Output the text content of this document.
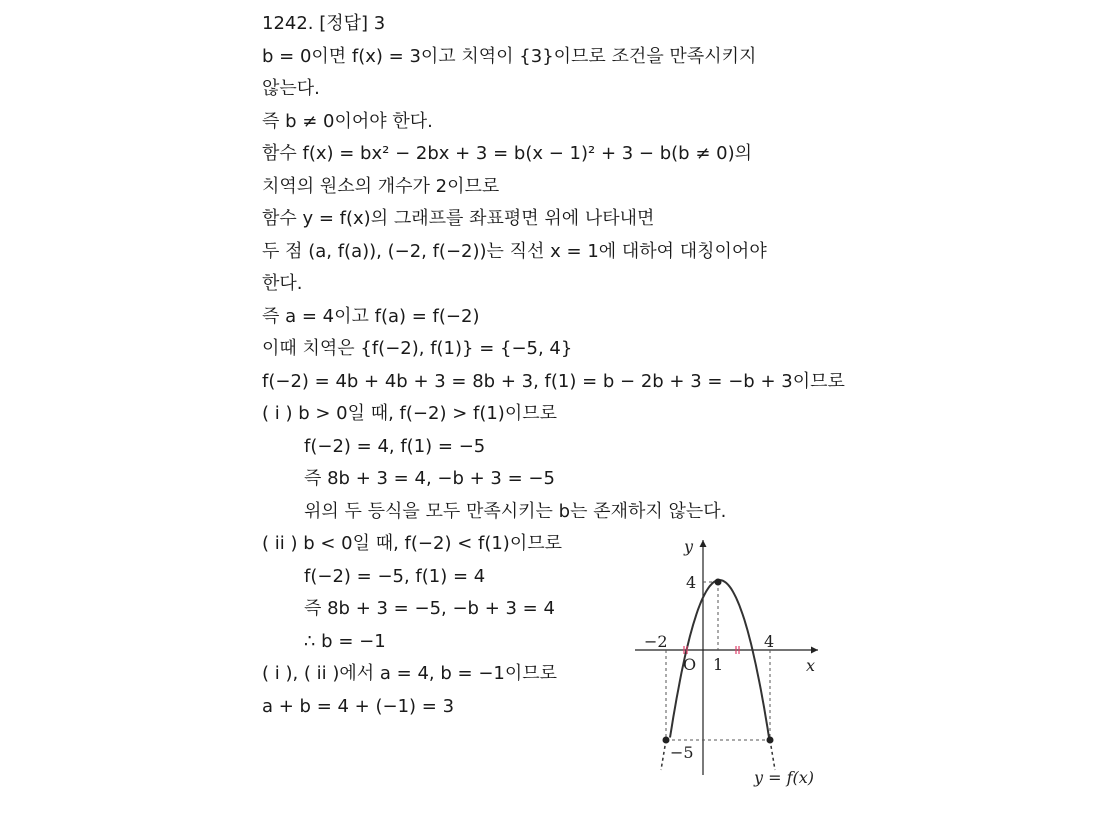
1242. [정답] 3
b = 0이면 f(x) = 3이고 치역이 {3}이므로 조건을 만족시키지
않는다.
즉 b ≠ 0이어야 한다.
함수 f(x) = bx² − 2bx + 3 = b(x − 1)² + 3 − b(b ≠ 0)의
치역의 원소의 개수가 2이므로
함수 y = f(x)의 그래프를 좌표평면 위에 나타내면
두 점 (a, f(a)), (−2, f(−2))는 직선 x = 1에 대하여 대칭이어야
한다.
즉 a = 4이고 f(a) = f(−2)
이때 치역은 {f(−2), f(1)} = {−5, 4}
f(−2) = 4b + 4b + 3 = 8b + 3, f(1) = b − 2b + 3 = −b + 3이므로
( i ) b > 0일 때, f(−2) > f(1)이므로
f(−2) = 4, f(1) = −5
즉 8b + 3 = 4, −b + 3 = −5
위의 두 등식을 모두 만족시키는 b는 존재하지 않는다.
( ii ) b < 0일 때, f(−2) < f(1)이므로
f(−2) = −5, f(1) = 4
즉 8b + 3 = −5, −b + 3 = 4
∴ b = −1
( i ), ( ii )에서 a = 4, b = −1이므로
a + b = 4 + (−1) = 3
y
x
O 1
−2	4
4
−5
y = f(x)
